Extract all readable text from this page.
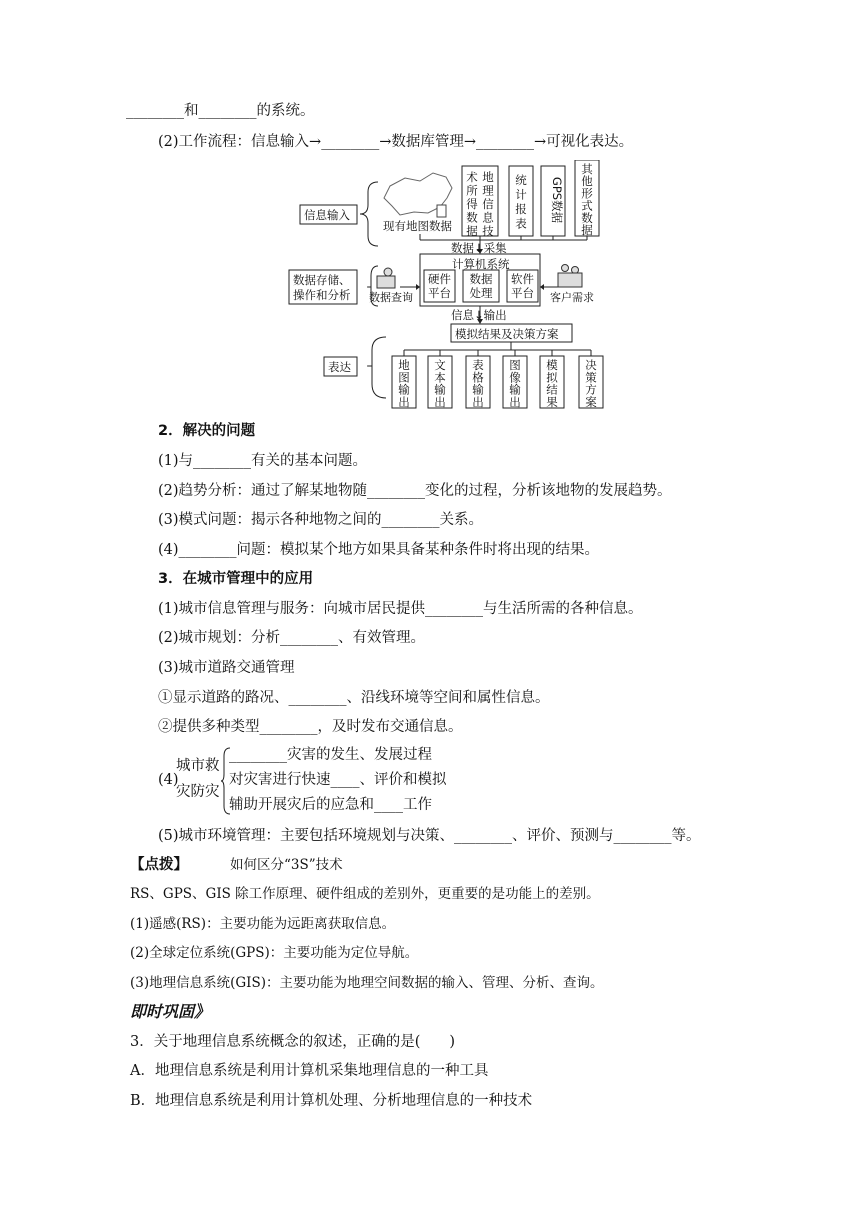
________和________的系统。
(2)工作流程：信息输入→________→数据库管理→________→可视化表达。
信息输入
数据存储、
操作和分析
表达
现有地图数据
数据↓采集
计算机系统
数据查询	客户需求
信息↓输出
模拟结果及决策方案
术
所
得
数
据
地
理
信
息
技
统
计
报
表
GPS数据
其
他
形
式
数
据
硬件
平台
数据
处理
软件
平台
地
图
输
出
文
本
输
出
表
格
输
出
图
像
输
出
模
拟
结
果
决
策
方
案
2．解决的问题
(1)与________有关的基本问题。
(2)趋势分析：通过了解某地物随________变化的过程，分析该地物的发展趋势。
(3)模式问题：揭示各种地物之间的________关系。
(4)________问题：模拟某个地方如果具备某种条件时将出现的结果。
3．在城市管理中的应用
(1)城市信息管理与服务：向城市居民提供________与生活所需的各种信息。
(2)城市规划：分析________、有效管理。
(3)城市道路交通管理
①显示道路的路况、________、沿线环境等空间和属性信息。
②提供多种类型________，及时发布交通信息。
(4)
城市救
灾防灾
________灾害的发生、发展过程
对灾害进行快速____、评价和模拟
辅助开展灾后的应急和____工作
(5)城市环境管理：主要包括环境规划与决策、________、评价、预测与________等。
【点拨】	如何区分“3S”技术
RS、GPS、GIS 除工作原理、硬件组成的差别外，更重要的是功能上的差别。
(1)遥感(RS)：主要功能为远距离获取信息。
(2)全球定位系统(GPS)：主要功能为定位导航。
(3)地理信息系统(GIS)：主要功能为地理空间数据的输入、管理、分析、查询。
即时巩固》
3．关于地理信息系统概念的叙述，正确的是(　　)
A．地理信息系统是利用计算机采集地理信息的一种工具
B．地理信息系统是利用计算机处理、分析地理信息的一种技术
